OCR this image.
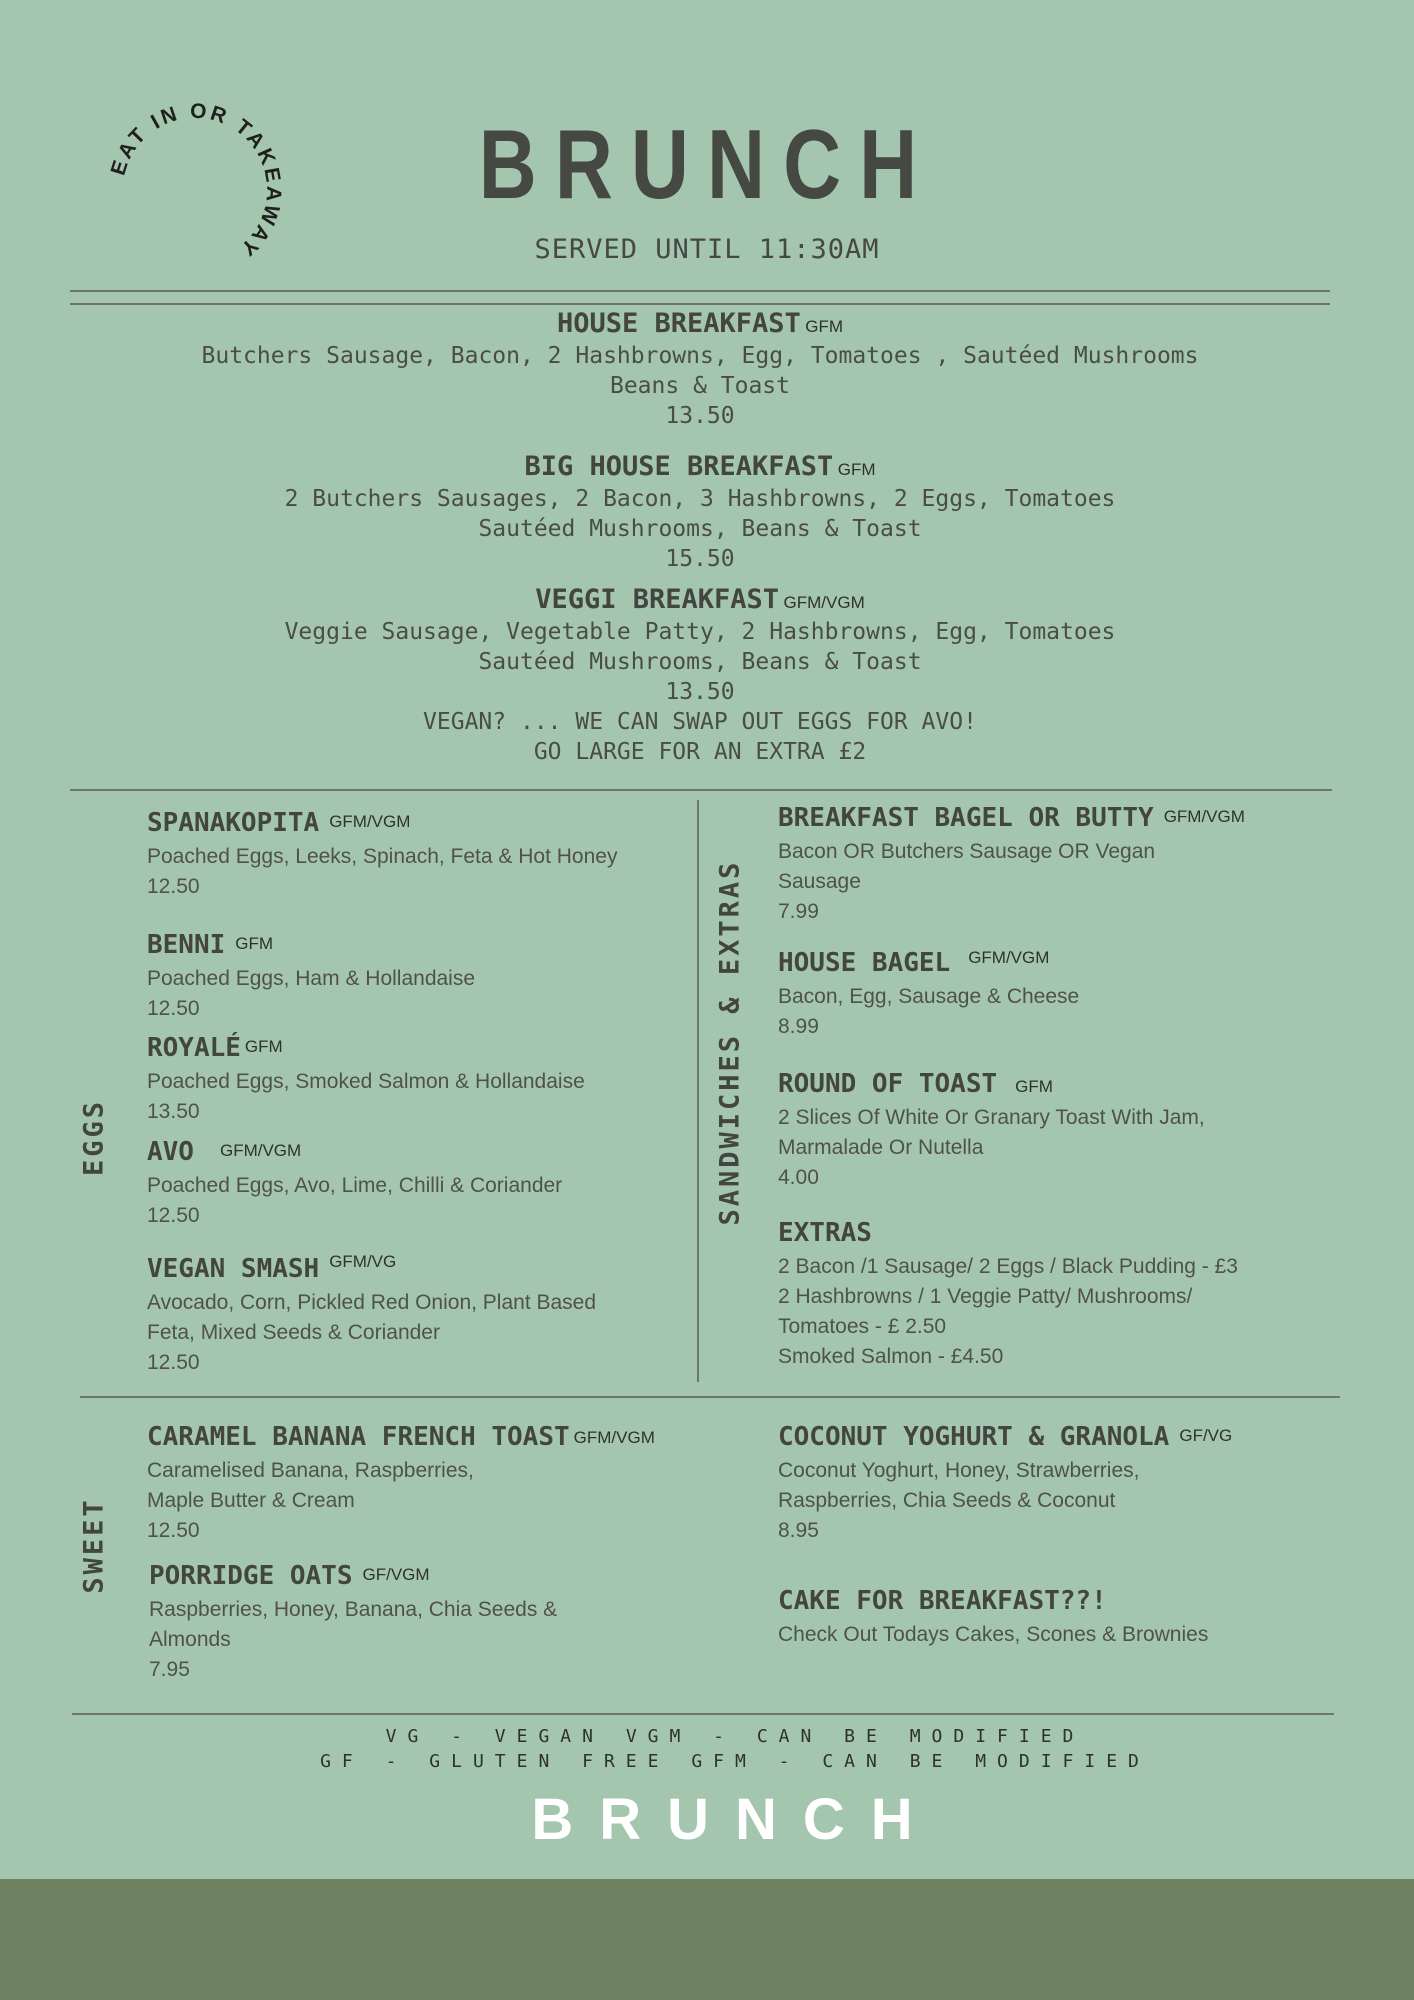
EAT IN OR TAKEAWAY
BRUNCH
SERVED UNTIL 11:30AM
HOUSE BREAKFAST GFM
Butchers Sausage, Bacon, 2 Hashbrowns, Egg, Tomatoes , Sautéed Mushrooms
Beans & Toast
13.50
BIG HOUSE BREAKFAST GFM
2 Butchers Sausages, 2 Bacon, 3 Hashbrowns, 2 Eggs, Tomatoes
Sautéed Mushrooms, Beans & Toast
15.50
VEGGI BREAKFAST GFM/VGM
Veggie Sausage, Vegetable Patty, 2 Hashbrowns, Egg, Tomatoes
Sautéed Mushrooms, Beans & Toast
13.50
VEGAN? ... WE CAN SWAP OUT EGGS FOR AVO!
GO LARGE FOR AN EXTRA £2
EGGS	SANDWICHES & EXTRAS
SWEET
SPANAKOPITA GFM/VGM
Poached Eggs, Leeks, Spinach, Feta & Hot Honey
12.50
BENNI GFM
Poached Eggs, Ham & Hollandaise
12.50
ROYALÉ GFM
Poached Eggs, Smoked Salmon & Hollandaise
13.50
AVO GFM/VGM
Poached Eggs, Avo, Lime, Chilli & Coriander
12.50
VEGAN SMASH $^{GFM/VG}$
Avocado, Corn, Pickled Red Onion, Plant Based
Feta, Mixed Seeds & Coriander
12.50
BREAKFAST BAGEL OR BUTTY GFM/VGM
Bacon OR Butchers Sausage OR Vegan
Sausage
7.99
HOUSE BAGEL $^{GFM/VGM}$
Bacon, Egg, Sausage & Cheese
8.99
ROUND OF TOAST GFM
2 Slices Of White Or Granary Toast With Jam,
Marmalade Or Nutella
4.00
EXTRAS
2 Bacon /1 Sausage/ 2 Eggs / Black Pudding - £3
2 Hashbrowns / 1 Veggie Patty/ Mushrooms/
Tomatoes - £ 2.50
Smoked Salmon - £4.50
CARAMEL BANANA FRENCH TOAST GFM/VGM
Caramelised Banana, Raspberries,
Maple Butter & Cream
12.50
PORRIDGE OATS GF/VGM
Raspberries, Honey, Banana, Chia Seeds &
Almonds
7.95
COCONUT YOGHURT & GRANOLA GF/VG
Coconut Yoghurt, Honey, Strawberries,
Raspberries, Chia Seeds & Coconut
8.95
CAKE FOR BREAKFAST??!
Check Out Todays Cakes, Scones & Brownies
VG - VEGAN VGM - CAN BE MODIFIED
GF - GLUTEN FREE GFM - CAN BE MODIFIED
BRUNCH
